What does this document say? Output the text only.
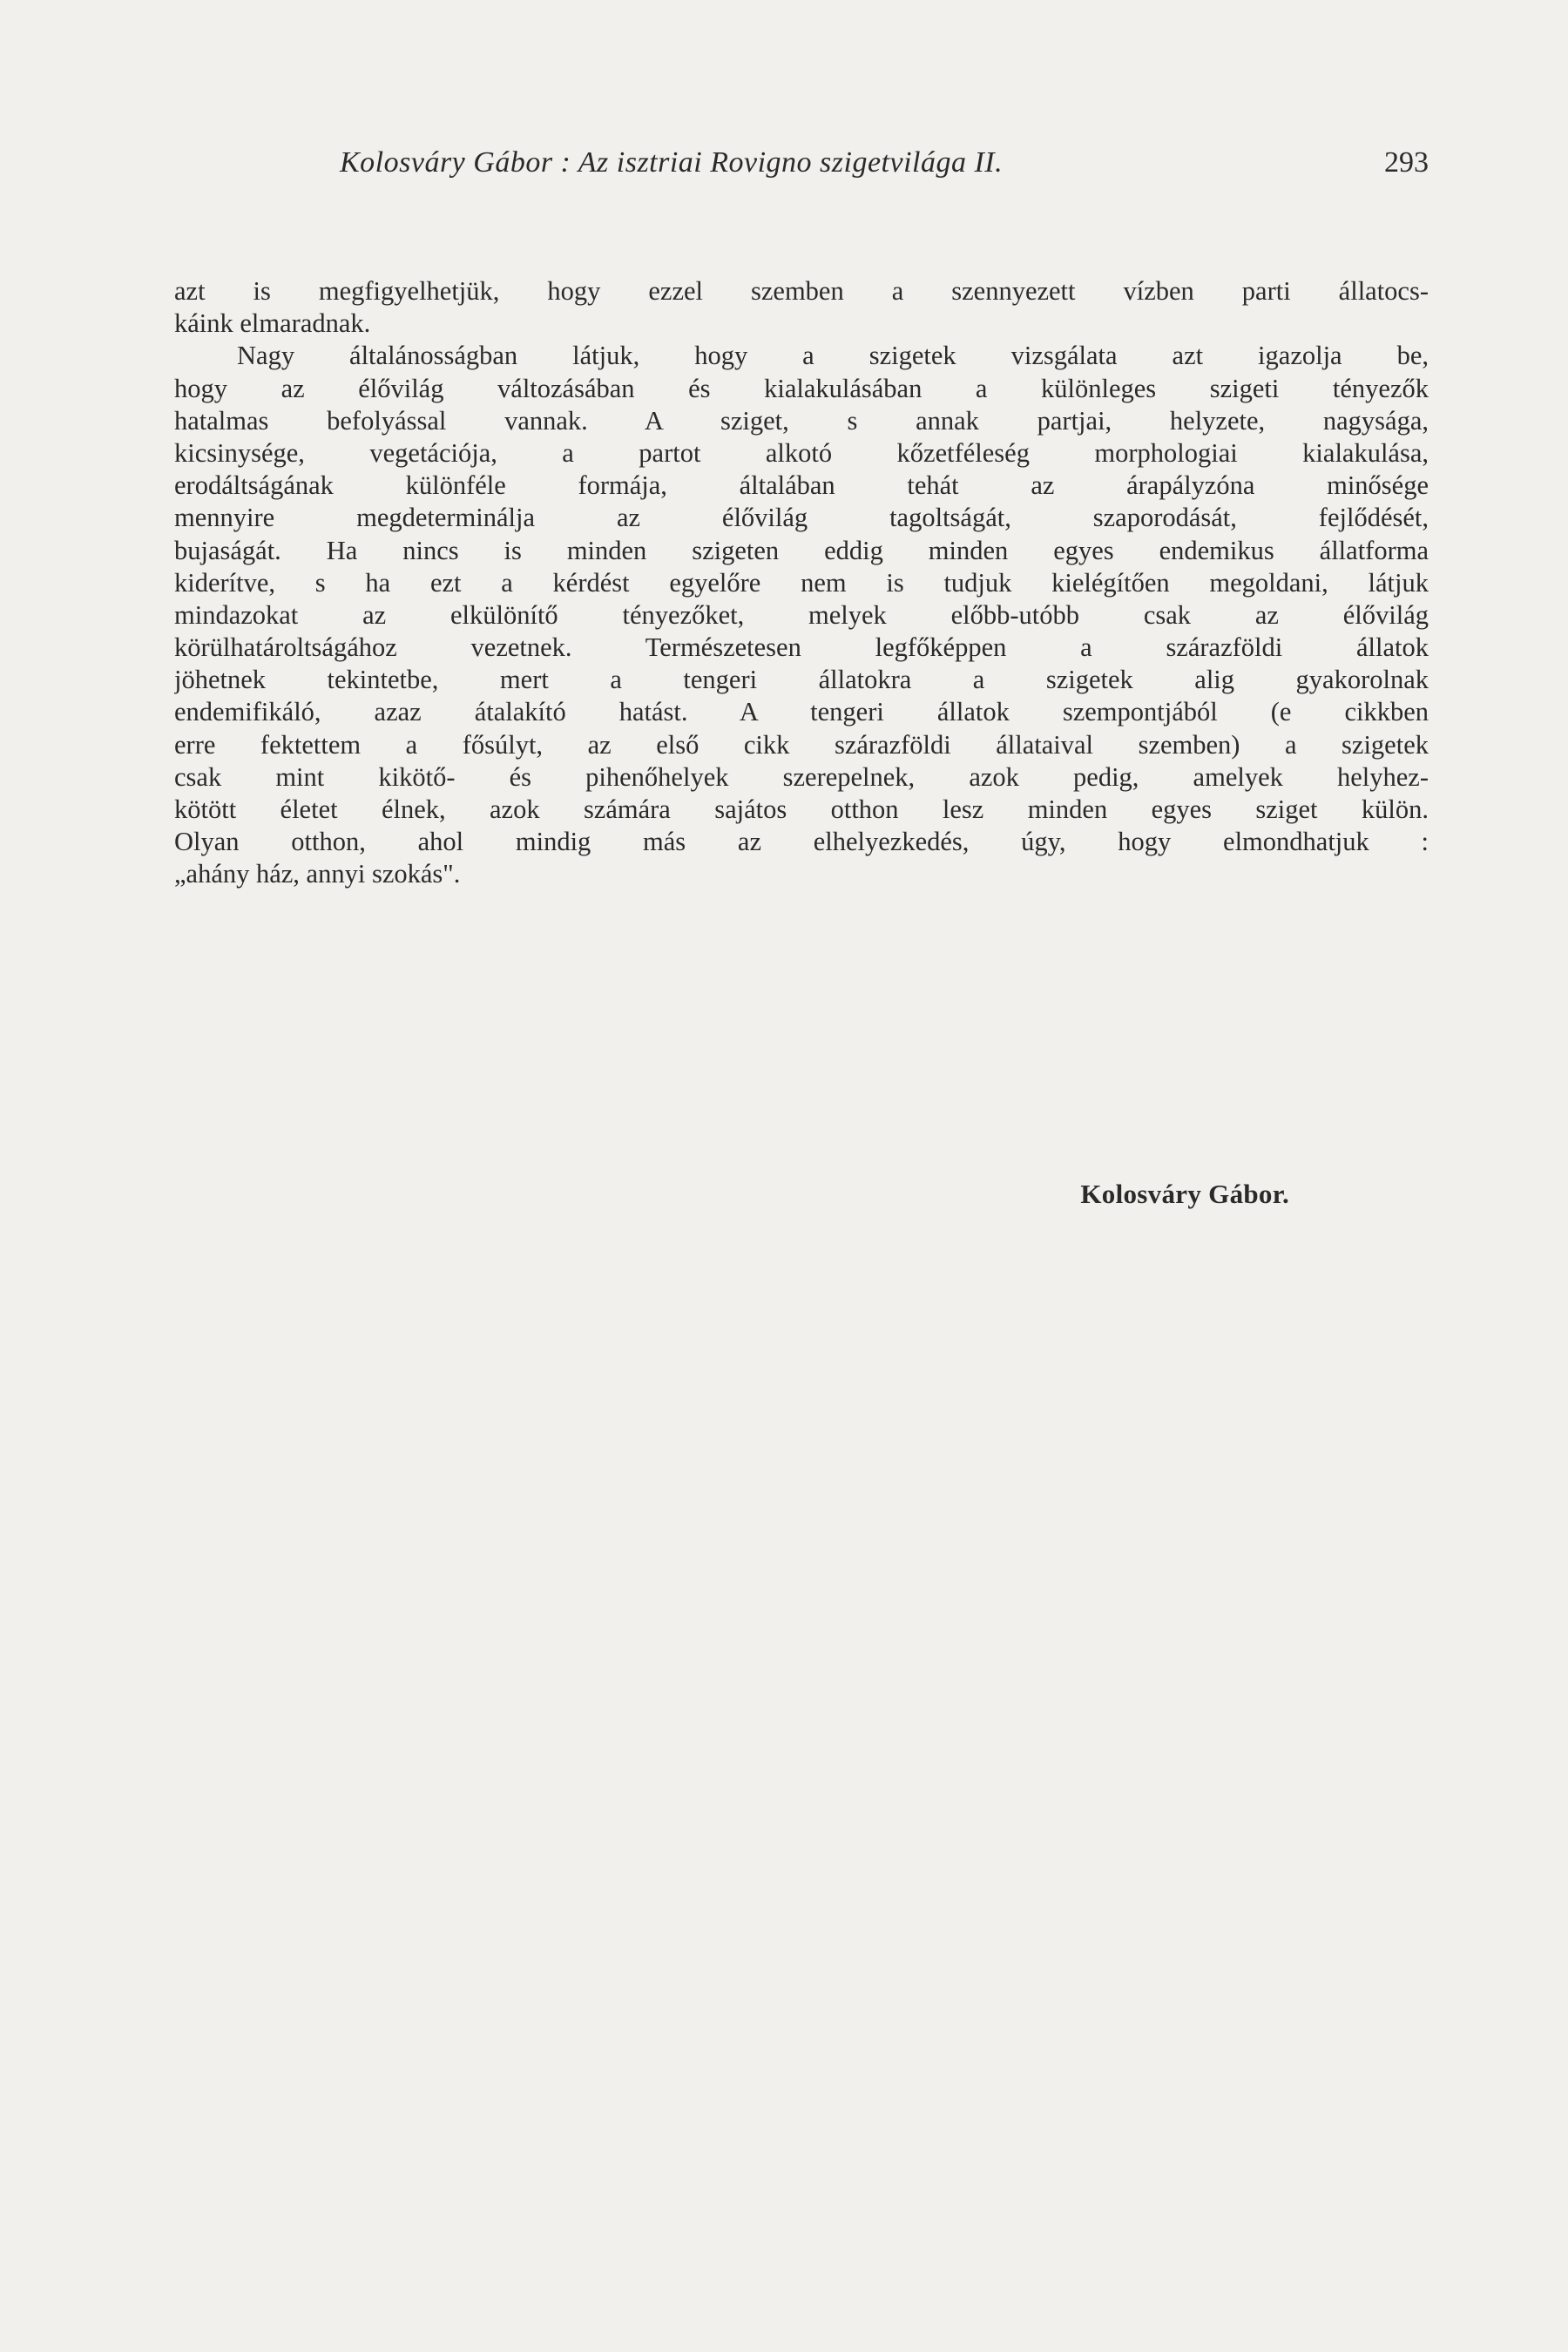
Kolosváry Gábor : Az isztriai Rovigno szigetvilága II.	293
azt is megfigyelhetjük, hogy ezzel szemben a szennyezett vízben parti állatocs-
káink elmaradnak.
Nagy általánosságban látjuk, hogy a szigetek vizsgálata azt igazolja be,
hogy az élővilág változásában és kialakulásában a különleges szigeti tényezők
hatalmas befolyással vannak. A sziget, s annak partjai, helyzete, nagysága,
kicsinysége, vegetációja, a partot alkotó kőzetféleség morphologiai kialakulása,
erodáltságának különféle formája, általában tehát az árapályzóna minősége
mennyire megdeterminálja az élővilág tagoltságát, szaporodását, fejlődését,
bujaságát. Ha nincs is minden szigeten eddig minden egyes endemikus állatforma
kiderítve, s ha ezt a kérdést egyelőre nem is tudjuk kielégítően megoldani, látjuk
mindazokat az elkülönítő tényezőket, melyek előbb-utóbb csak az élővilág
körülhatároltságához vezetnek. Természetesen legfőképpen a szárazföldi állatok
jöhetnek tekintetbe, mert a tengeri állatokra a szigetek alig gyakorolnak
endemifikáló, azaz átalakító hatást. A tengeri állatok szempontjából (e cikkben
erre fektettem a fősúlyt, az első cikk szárazföldi állataival szemben) a szigetek
csak mint kikötő- és pihenőhelyek szerepelnek, azok pedig, amelyek helyhez-
kötött életet élnek, azok számára sajátos otthon lesz minden egyes sziget külön.
Olyan otthon, ahol mindig más az elhelyezkedés, úgy, hogy elmondhatjuk :
„ahány ház, annyi szokás".
Kolosváry Gábor.
